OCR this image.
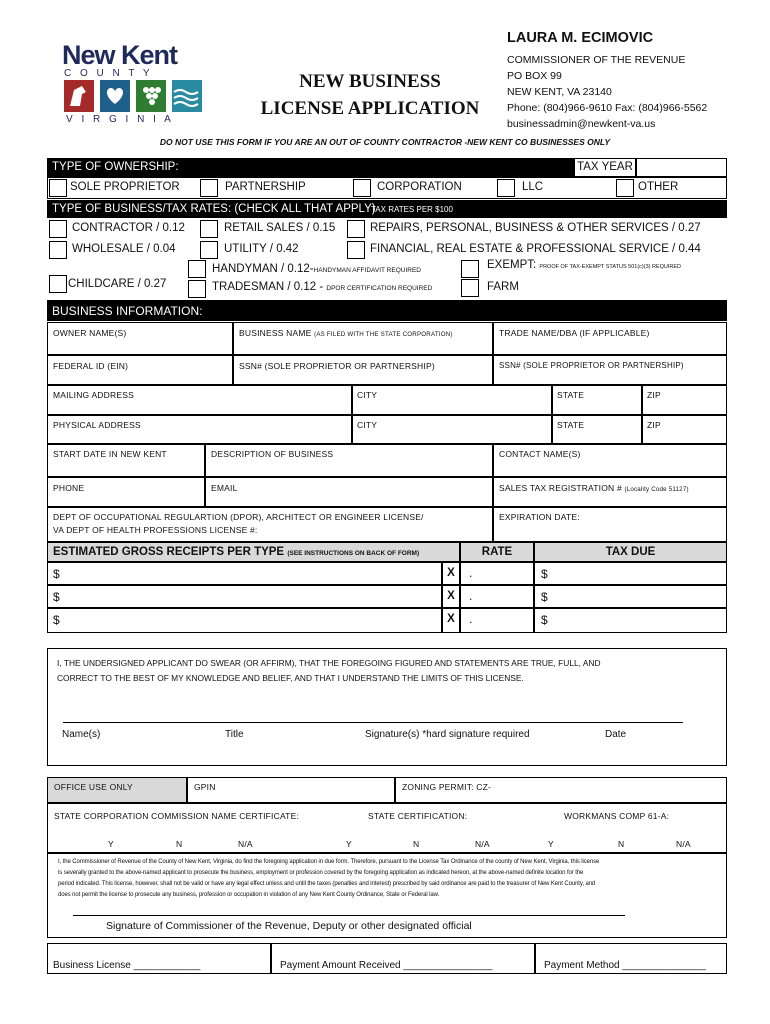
New Kent
C O U N T Y
V I R G I N I A
NEW BUSINESS
LICENSE APPLICATION
LAURA M. ECIMOVIC
COMMISSIONER OF THE REVENUE
PO BOX 99
NEW KENT, VA 23140
Phone: (804)966-9610 Fax: (804)966-5562
businessadmin@newkent-va.us
DO NOT USE THIS FORM IF YOU ARE AN OUT OF COUNTY CONTRACTOR -NEW KENT CO BUSINESSES ONLY
TYPE OF OWNERSHIP:	TAX YEAR
SOLE PROPRIETOR	PARTNERSHIP	CORPORATION	LLC	OTHER
TYPE OF BUSINESS/TAX RATES: (CHECK ALL THAT APPLY)
TAX RATES PER $100
CONTRACTOR / 0.12	RETAIL SALES / 0.15	REPAIRS, PERSONAL, BUSINESS & OTHER SERVICES / 0.27
WHOLESALE / 0.04	UTILITY / 0.42	FINANCIAL, REAL ESTATE & PROFESSIONAL SERVICE / 0.44
CHILDCARE / 0.27
HANDYMAN / 0.12-HANDYMAN AFFIDAVIT REQUIRED
TRADESMAN / 0.12 - DPOR CERTIFICATION REQUIRED
EXEMPT: PROOF OF TAX-EXEMPT STATUS 501(c)(3) REQUIRED
FARM
BUSINESS INFORMATION:
OWNER NAME(S)	BUSINESS NAME (AS FILED WITH THE STATE CORPORATION)	TRADE NAME/DBA (IF APPLICABLE)
FEDERAL ID (EIN)	SSN# (SOLE PROPRIETOR OR PARTNERSHIP)	SSN# (SOLE PROPRIETOR OR PARTNERSHIP)
MAILING ADDRESS	CITY	STATE	ZIP
PHYSICAL ADDRESS	CITY	STATE	ZIP
START DATE IN NEW KENT	DESCRIPTION OF BUSINESS	CONTACT NAME(S)
PHONE	EMAIL	SALES TAX REGISTRATION # (Locality Code 51127)
DEPT OF OCCUPATIONAL REGULARTION (DPOR), ARCHITECT OR ENGINEER LICENSE/
VA DEPT OF HEALTH PROFESSIONS LICENSE #:
EXPIRATION DATE:
ESTIMATED GROSS RECEIPTS PER TYPE (SEE INSTRUCTIONS ON BACK OF FORM)	RATE	TAX DUE
$	X	.	$
$	X	.	$
$	X	.	$
I, THE UNDERSIGNED APPLICANT DO SWEAR (OR AFFIRM), THAT THE FOREGOING FIGURED AND STATEMENTS ARE TRUE, FULL, AND
CORRECT TO THE BEST OF MY KNOWLEDGE AND BELIEF, AND THAT I UNDERSTAND THE LIMITS OF THIS LICENSE.
Name(s)	Title	Signature(s) *hard signature required	Date
OFFICE USE ONLY	GPIN	ZONING PERMIT: CZ-
STATE CORPORATION COMMISSION NAME CERTIFICATE:	STATE CERTIFICATION:	WORKMANS COMP 61-A:
Y	N	N/A	Y	N	N/A	Y	N	N/A
I, the Commissioner of Revenue of the County of New Kent, Virginia, do find the foregoing application in due form. Therefore, pursuant to the License Tax Ordinance of the county of New Kent, Virginia, this license
is severally granted to the above-named applicant to prosecute the business, employment or profession covered by the foregoing application as indicated hereon, at the above-named definite location for the
period indicated. This license, however, shall not be valid or have any legal effect unless and until the taxes (penalties and interest) prescribed by said ordinance are paid to the treasurer of New Kent County, and
does not permit the license to prosecute any business, profession or occupation in violation of any New Kent County Ordinance, State or Federal law.
Signature of Commissioner of the Revenue, Deputy or other designated official
Business License ____________	Payment Amount Received ________________	Payment Method _______________
